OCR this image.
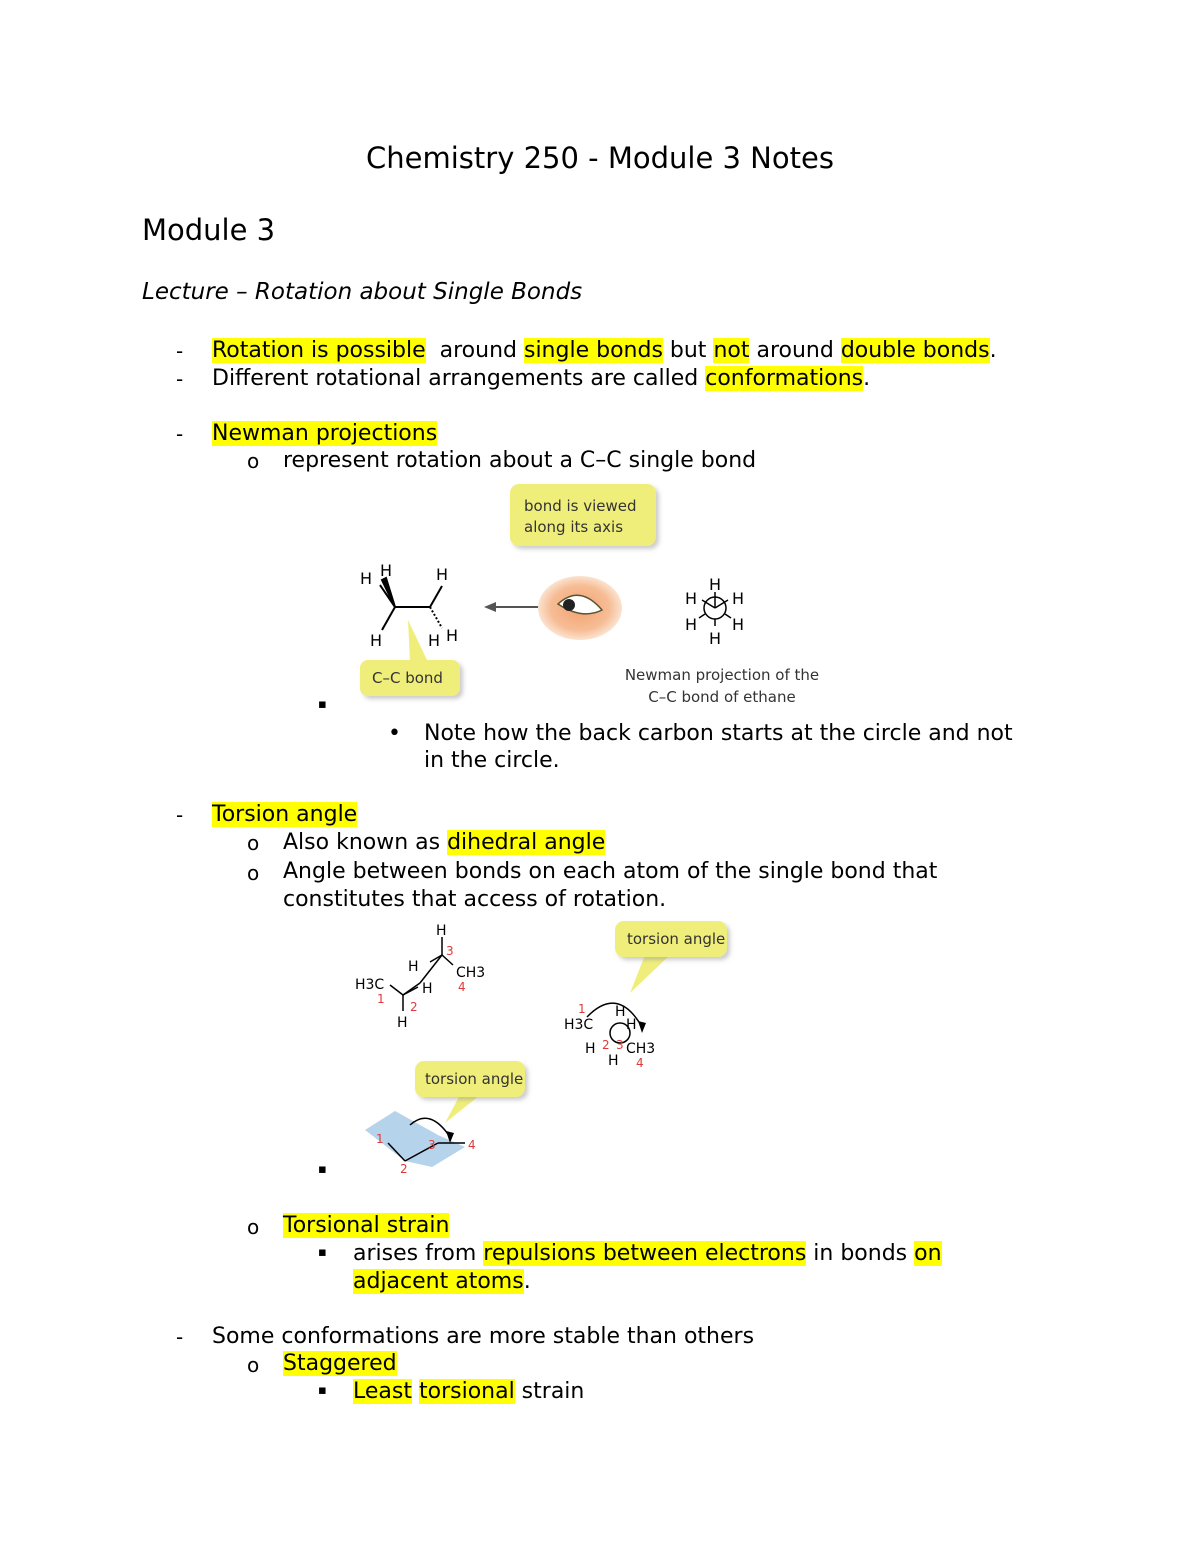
Chemistry 250 - Module 3 Notes
Module 3
Lecture – Rotation about Single Bonds
- Rotation is possible  around single bonds but not around double bonds.
- Different rotational arrangements are called conformations.
- Newman projections
o represent rotation about a C–C single bond
bond is viewed
along its axis
H H	H
H	H H
C–C bond
H
H H
H H
H
Newman projection of the
C–C bond of ethane
▪
• Note how the back carbon starts at the circle and not
in the circle.
- Torsion angle
o Also known as dihedral angle
o Angle between bonds on each atom of the single bond that
constitutes that access of rotation.
H
H
H
H
H3C
CH3
1
2
3
4
torsion angle
H
H3C H
H CH3
H
1
2 3
4
torsion angle
1
2
3	4
▪
o Torsional strain
▪ arises from repulsions between electrons in bonds on
adjacent atoms.
- Some conformations are more stable than others
o Staggered
▪ Least torsional strain
